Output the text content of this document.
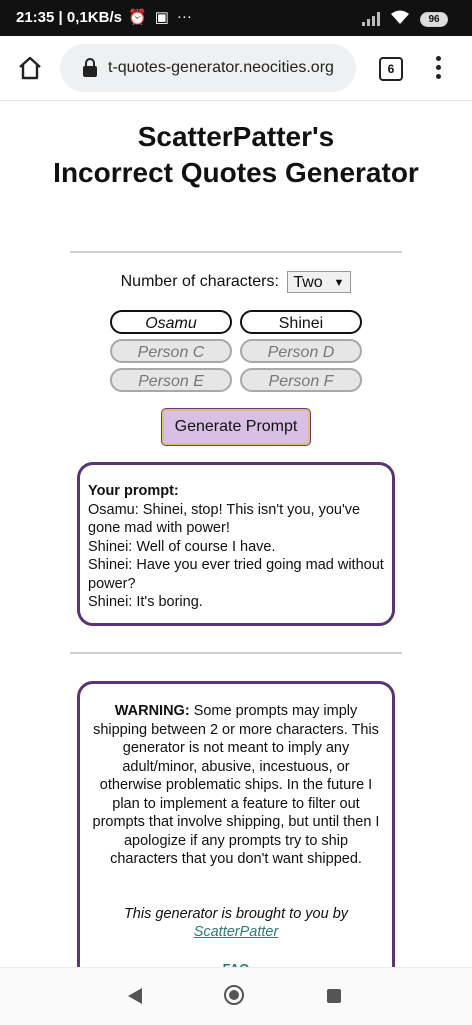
21:35 | 0,1KB/s ⏰ ▣ ···	96
t-quotes-generator.neocities.org	6
ScatterPatter's
Incorrect Quotes Generator

Number of characters: Two ▼
Osamu	Shinei
Person C	Person D
Person E	Person F
Generate Prompt
Your prompt:
Osamu: Shinei, stop! This isn't you, you've gone mad with power!
Shinei: Well of course I have.
Shinei: Have you ever tried going mad without power?
Shinei: It's boring.
WARNING: Some prompts may imply shipping between 2 or more characters. This generator is not meant to imply any adult/minor, abusive, incestuous, or otherwise problematic ships. In the future I plan to implement a feature to filter out prompts that involve shipping, but until then I apologize if any prompts try to ship characters that you don't want shipped.
This generator is brought to you by
ScatterPatter
